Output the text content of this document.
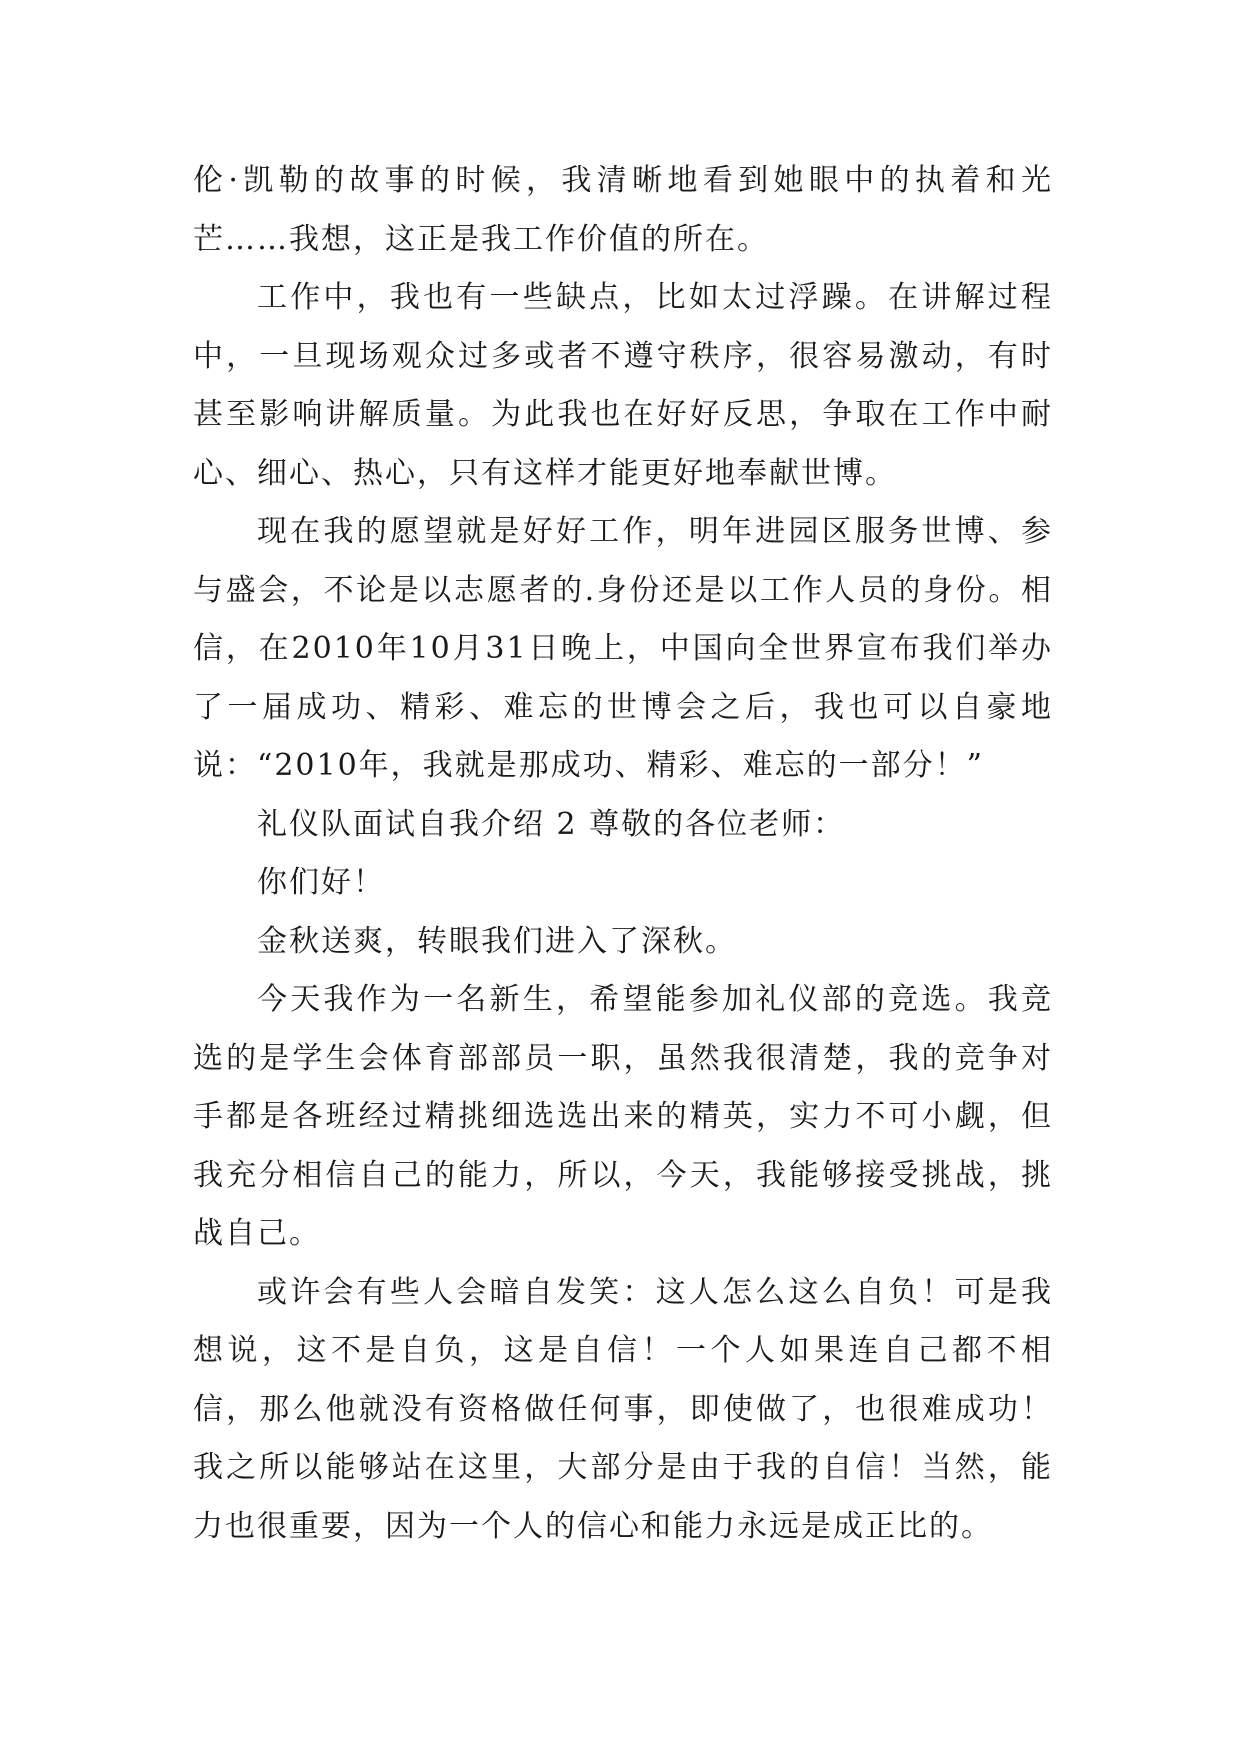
伦·凯勒的故事的时候，我清晰地看到她眼中的执着和光芒……我想，这正是我工作价值的所在。

工作中，我也有一些缺点，比如太过浮躁。在讲解过程中，一旦现场观众过多或者不遵守秩序，很容易激动，有时甚至影响讲解质量。为此我也在好好反思，争取在工作中耐心、细心、热心，只有这样才能更好地奉献世博。

现在我的愿望就是好好工作，明年进园区服务世博、参与盛会，不论是以志愿者的.身份还是以工作人员的身份。相信，在2010年10月31日晚上，中国向全世界宣布我们举办了一届成功、精彩、难忘的世博会之后，我也可以自豪地说：“2010年，我就是那成功、精彩、难忘的一部分！”

礼仪队面试自我介绍 2 尊敬的各位老师：

你们好！

金秋送爽，转眼我们进入了深秋。

今天我作为一名新生，希望能参加礼仪部的竞选。我竞选的是学生会体育部部员一职，虽然我很清楚，我的竞争对手都是各班经过精挑细选选出来的精英，实力不可小觑，但我充分相信自己的能力，所以，今天，我能够接受挑战，挑战自己。

或许会有些人会暗自发笑：这人怎么这么自负！可是我想说，这不是自负，这是自信！一个人如果连自己都不相信，那么他就没有资格做任何事，即使做了，也很难成功！我之所以能够站在这里，大部分是由于我的自信！当然，能力也很重要，因为一个人的信心和能力永远是成正比的。
